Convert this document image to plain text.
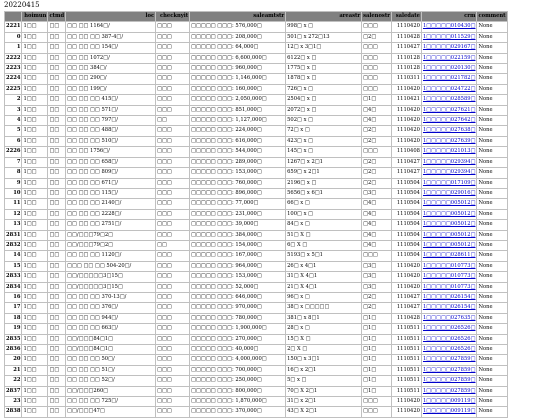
20220415
	hoimun	ctmd	loc	checknyit	saleamtstr	areastr	salenostr	saledate	crm	comment
2221	1□□	□□	□□ □□ 1164□/	□□□	□□□□□ □□□: 576,000□	998□ x □	□□□	1110420	1□□□□□010430□	None
0	1□□	□□	□□ □□ □□ 387-4□/	□□□	□□□□□ □□□: 208,000□	501□ x 272□13	□2□	1110428	1□□□□□011529□	None
1	1□□	□□	□□ □□ □□ 154□/	□□□	□□□□□ □□□: 64,000□	12□ x 3□1□	□□□	1110427	1□□□□□029167□	None
2222	1□□	□□	□□ □□ 1072□/	□□□	□□□□□ □□□: 6,600,000□	6122□ x □	□□□	1110128	1□□□□□022159□	None
2223	1□□	□□	□□ □□ 384□/	□□□	□□□□□ □□□: 960,000□	1775□ x □	□□□	1110128	1□□□□□020130□	None
2224	1□□	□□	□□ □□ 290□/	□□□	□□□□□ □□□: 1,146,000□	1878□ x □	□□□	1110311	1□□□□□021782□	None
2225	1□□	□□	□□ □□ 199□/	□□□	□□□□□ □□□: 160,000□	726□ x □	□□□	1110420	1□□□□□024722□	None
2	1□□	□□	□□ □□ □□ 415□/	□□□	□□□□□ □□□: 2,050,000□	2504□ x □	□1□	1110421	1□□□□□028589□	None
3	1□□	□□	□□ □□ □□ 571□/	□□□	□□□□□ □□□: 851,000□	2072□ x □	□4□	1110420	1□□□□□027621□	None
4	1□□	□□	□□ □□ □□ 797□/	□□	□□□□□ □□□: 1,127,000□	502□ x □	□4□	1110420	1□□□□□027642□	None
5	1□□	□□	□□ □□ □□ 488□/	□□□	□□□□□ □□□: 224,000□	72□ x □	□2□	1110420	1□□□□□027638□	None
6	1□□	□□	□□ □□ □□ 510□/	□□□	□□□□□ □□□: 616,000□	423□ x □	□2□	1110420	1□□□□□027639□	None
2226	1□□	□□	□□ □□ 1756□/	□□□	□□□□□ □□□: 544,000□	145□ x □	□□□	1110408	1□□□□□021013□	None
7	1□□	□□	□□ □□ □□ 658□/	□□□	□□□□□ □□□: 289,000□	1267□ x 2□1	□2□	1110427	1□□□□□029394□	None
8	1□□	□□	□□ □□ □□ 809□/	□□□	□□□□□ □□□: 153,000□	659□ x 2□1	□2□	1110427	1□□□□□029394□	None
9	1□□	□□	□□ □□ □□ 671□/	□□□	□□□□□ □□□: 760,000□	2196□ x □	□2□	1110504	1□□□□□017109□	None
10	1□□	□□	□□ □□ □□ 115□/	□□□	□□□□□ □□□: 896,000□	5656□ x 6□1	□3□	1110504	1□□□□□029016□	None
11	1□□	□□	□□ □□ □□ 2140□/	□□□	□□□□□ □□□: 77,000□	66□ x □	□4□	1110504	1□□□□□005012□	None
12	1□□	□□	□□ □□ □□ 2228□/	□□□	□□□□□ □□□: 231,000□	100□ x □	□4□	1110504	1□□□□□005012□	None
13	1□□	□□	□□ □□ □□ 2751□/	□□□	□□□□□ □□□: 39,000□	84□ x □	□4□	1110504	1□□□□□005012□	None
2831	1□□	□□	□□/□□□79□2□	□□□	□□□□□ □□□: 384,000□	51□ X □	□4□	1110504	1□□□□□005012□	None
2832	1□□	□□	□□/□□□79□2□	□□	□□□□□ □□□: 154,000□	6□ X □	□4□	1110504	1□□□□□005012□	None
14	1□□	□□	□□ □□ □□ 1120□/	□□□	□□□□□ □□□: 167,000□	5193□ x 5□1	□□□	1110504	1□□□□□028611□	None
15	1□□	□□	□□□ □□ □□ 504-20□/	□□□	□□□□□ □□□: 964,000□	26□ x 4□1	□3□	1110420	1□□□□□010773□	None
2833	1□□	□□	□□/□□□□□3□15□	□□□	□□□□□ □□□: 153,000□	31□ X 4□1	□3□	1110420	1□□□□□010773□	None
2834	1□□	□□	□□/□□□□□3□15□	□□□	□□□□□ □□□: 52,000□	21□ X 4□1	□3□	1110420	1□□□□□010773□	None
16	1□□	□□	□□ □□ □□ 370-13□/	□□□	□□□□□ □□□: 646,000□	96□ x □	□2□	1110427	1□□□□□026154□	None
17	1□□	□□	□□ □□ □□ 376□/	□□□	□□□□□ □□□: 970,000□	38□ x □□□□□	□2□	1110427	1□□□□□026154□	None
18	1□□	□□	□□ □□ □□ 944□/	□□□	□□□□□ □□□: 780,000□	381□ x 8□1	□1□	1110428	1□□□□□027635□	None
19	1□□	□□	□□ □□ □□ 663□/	□□□	□□□□□ □□□: 1,900,000□	28□ x □	□1□	1110511	1□□□□□026526□	None
2835	1□□	□□	□□/□□□84□1□	□□□	□□□□□ □□□: 270,000□	15□ X □	□1□	1110511	1□□□□□026526□	None
2836	1□□	□□	□□/□□□84□1□	□□□	□□□□□ □□□: 40,000□	2□ X □	□1□	1110511	1□□□□□026526□	None
20	1□□	□□	□□ □□ □□ 50□/	□□□	□□□□□ □□□: 4,000,000□	150□ x 3□1	□1□	1110511	1□□□□□027859□	None
21	1□□	□□	□□ □□ □□ 51□/	□□□	□□□□□ □□□: 700,000□	16□ x 2□1	□1□	1110511	1□□□□□027859□	None
22	1□□	□□	□□ □□ □□ 52□/	□□□	□□□□□ □□□: 250,000□	5□ x □	□1□	1110511	1□□□□□027859□	None
2837	1□□	□□	□□/□□□260□	□□□	□□□□□ □□□: 800,000□	70□ X 2□1	□1□	1110511	1□□□□□027859□	None
23	1□□	□□	□□ □□ □□ 725□/	□□□	□□□□□ □□□: 1,870,000□	31□ x 2□1	□□□	1110420	1□□□□□009119□	None
2838	1□□	□□	□□/□□□47□	□□□	□□□□□ □□□: 370,000□	43□ X 2□1	□□□	1110420	1□□□□□009119□	None
